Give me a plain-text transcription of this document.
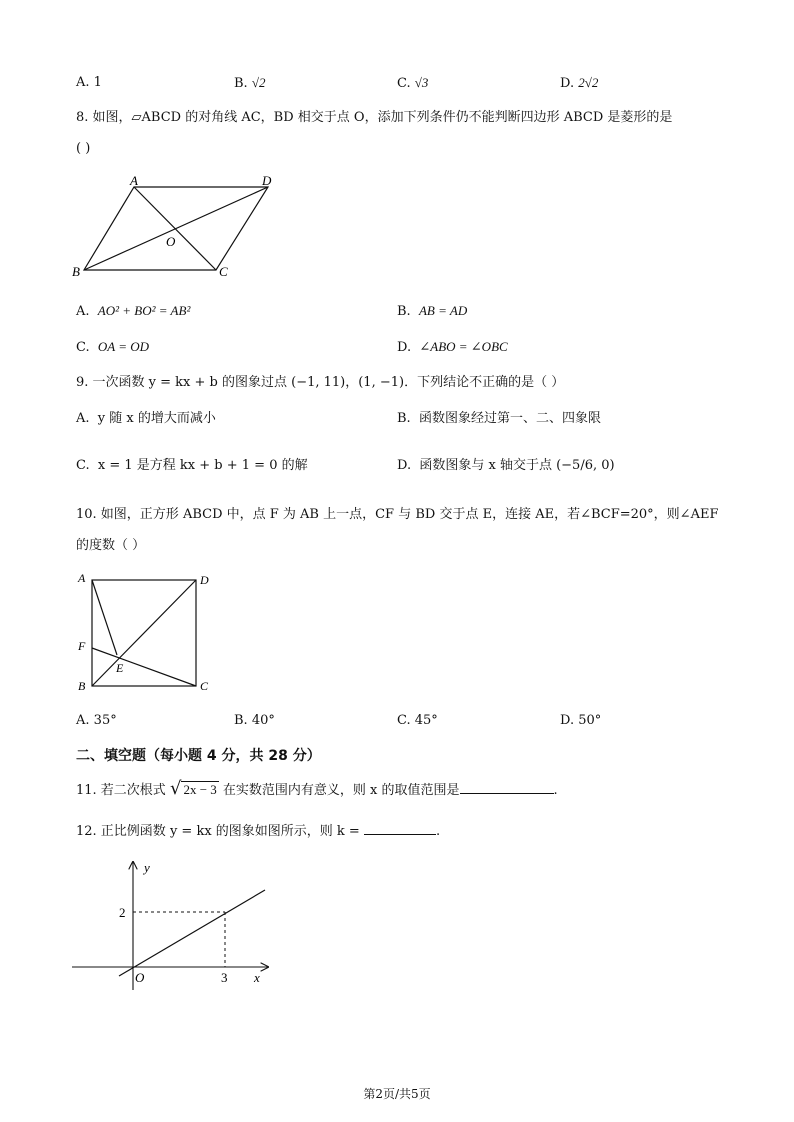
A. 1	B. √2	C. √3	D. 2√2
8. 如图，▱ABCD 的对角线 AC，BD 相交于点 O，添加下列条件仍不能判断四边形 ABCD 是菱形的是
( )
A	D
O
B	C
A. AO² + BO² = AB²	B. AB = AD
C. OA = OD	D. ∠ABO = ∠OBC
9. 一次函数 y = kx + b 的图象过点 (−1, 11)，(1, −1)．下列结论不正确的是（ ）
A. y 随 x 的增大而减小	B. 函数图象经过第一、二、四象限
C. x = 1 是方程 kx + b + 1 = 0 的解	D. 函数图象与 x 轴交于点 (−5/6, 0)
10. 如图，正方形 ABCD 中，点 F 为 AB 上一点，CF 与 BD 交于点 E，连接 AE，若∠BCF=20°，则∠AEF
的度数（ ）
A	D
F
E
B	C
A. 35°	B. 40°	C. 45°	D. 50°
二、填空题（每小题 4 分，共 28 分）
11. 若二次根式 √ 2x − 3 在实数范围内有意义，则 x 的取值范围是	.
12. 正比例函数 y = kx 的图象如图所示，则 k =	.
y
x
O
2
3
第2页/共5页
